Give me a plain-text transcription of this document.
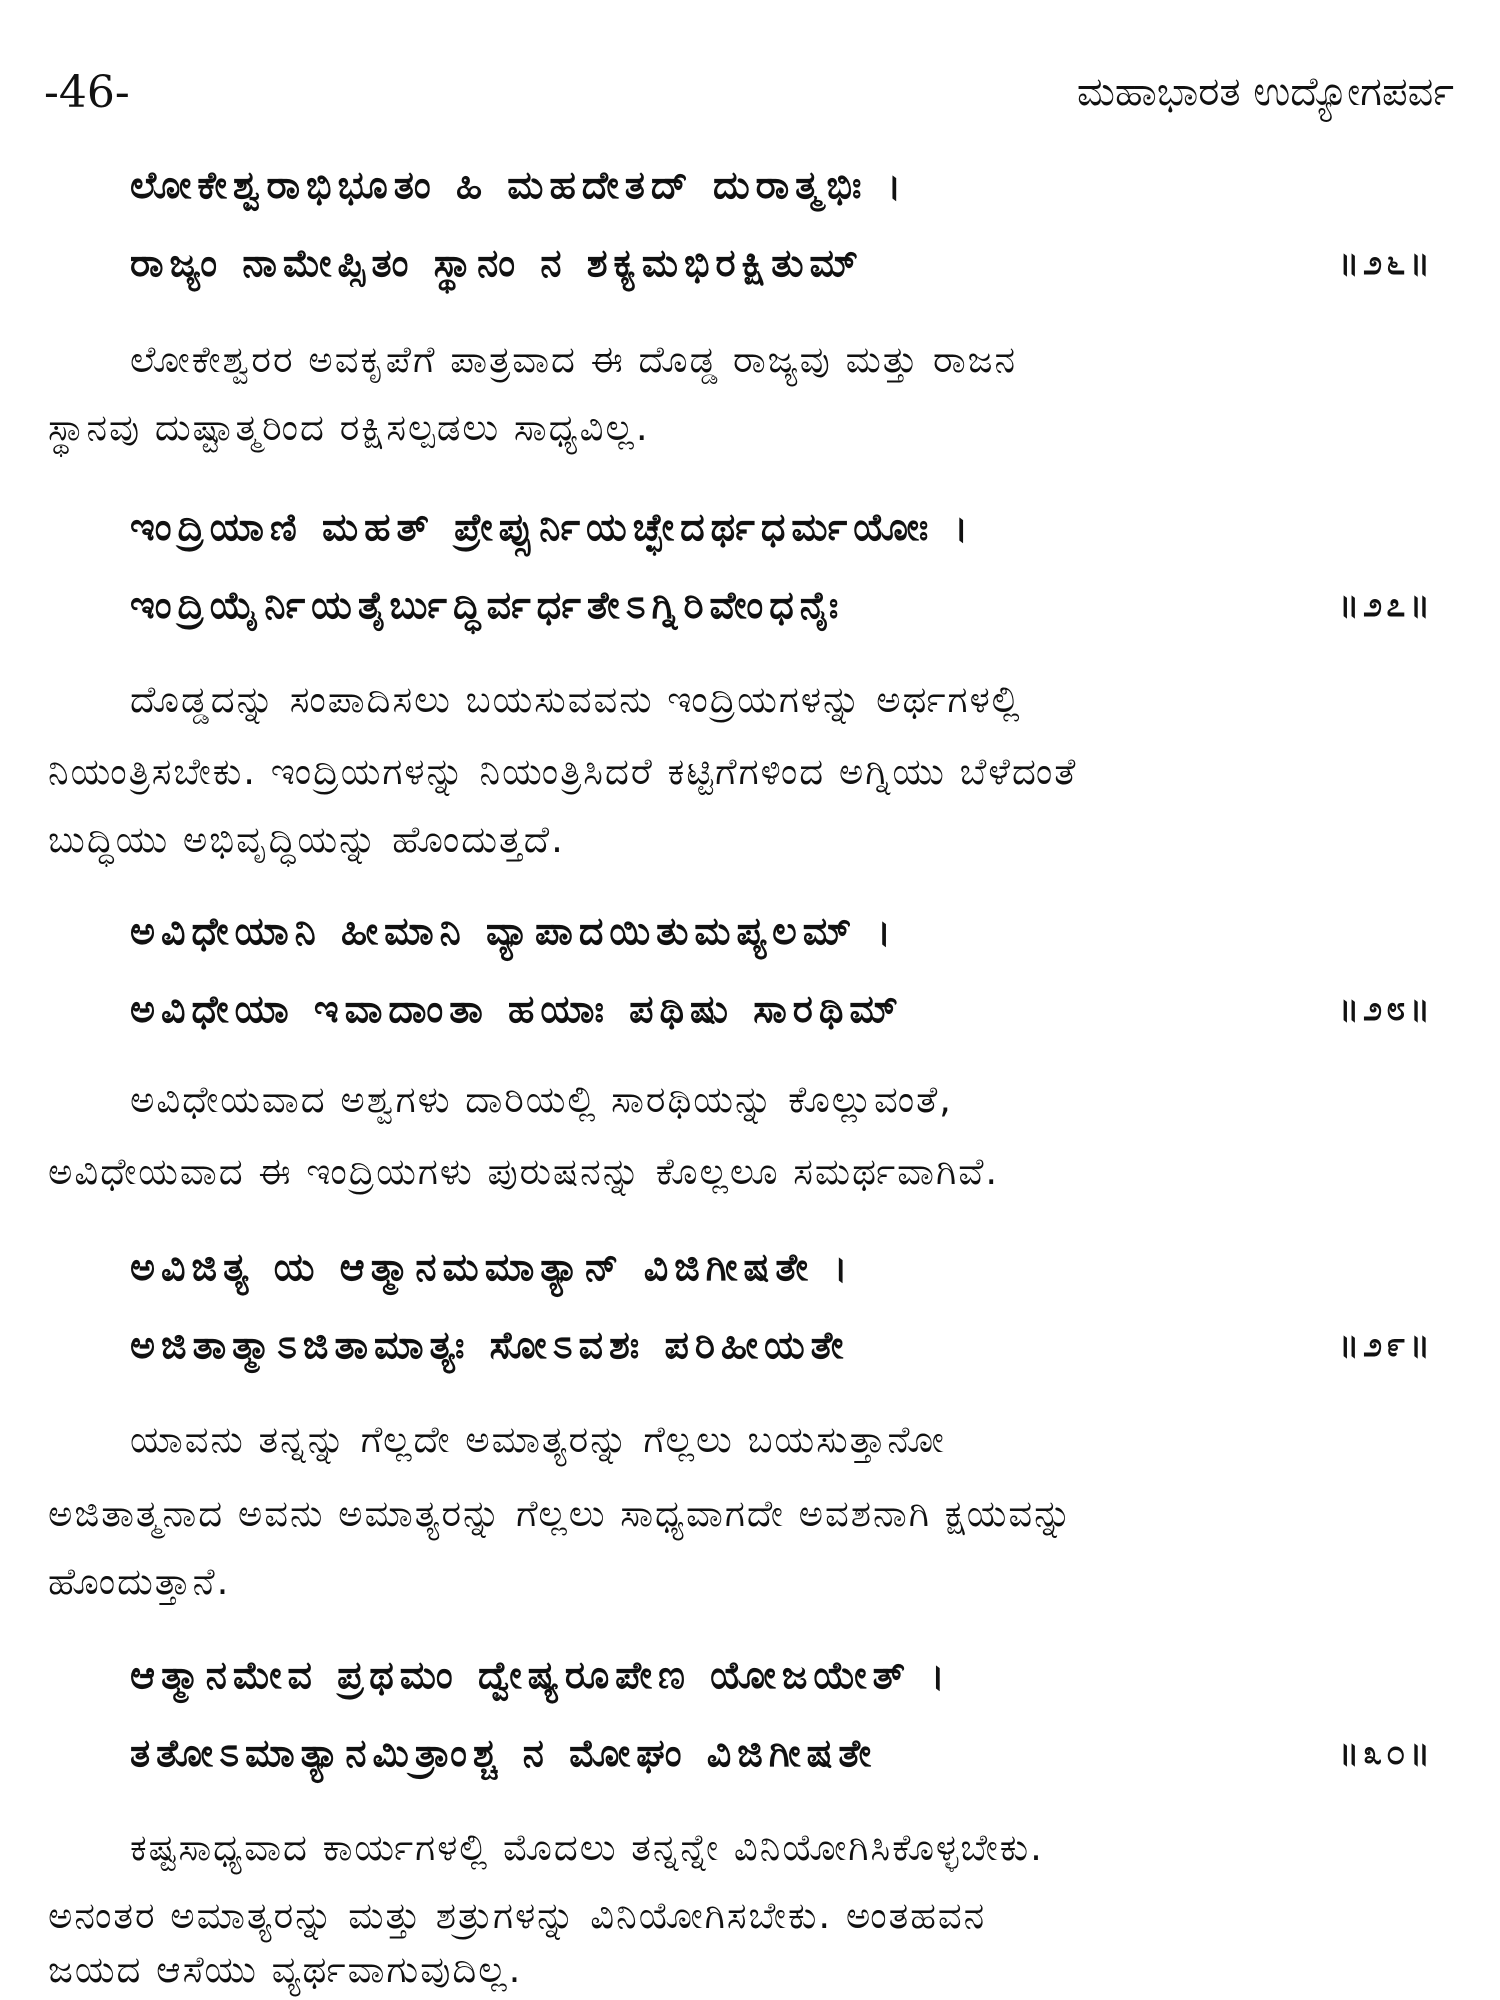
-46-	ಮಹಾಭಾರತ ಉದ್ಯೋಗಪರ್ವ
ಲೋಕೇಶ್ವರಾಭಿಭೂತಂ ಹಿ ಮಹದೇತದ್ ದುರಾತ್ಮಭಿಃ ।
ರಾಜ್ಯಂ ನಾಮೇಪ್ಸಿತಂ ಸ್ಥಾನಂ ನ ಶಕ್ಯಮಭಿರಕ್ಷಿತುಮ್	॥೨೬॥
ಲೋಕೇಶ್ವರರ ಅವಕೃಪೆಗೆ ಪಾತ್ರವಾದ ಈ ದೊಡ್ಡ ರಾಜ್ಯವು ಮತ್ತು ರಾಜನ
ಸ್ಥಾನವು ದುಷ್ಟಾತ್ಮರಿಂದ ರಕ್ಷಿಸಲ್ಪಡಲು ಸಾಧ್ಯವಿಲ್ಲ.
ಇಂದ್ರಿಯಾಣಿ ಮಹತ್ ಪ್ರೇಪ್ಸುರ್ನಿಯಚ್ಛೇದರ್ಥಧರ್ಮಯೋಃ ।
ಇಂದ್ರಿಯೈರ್ನಿಯತೈರ್ಬುದ್ಧಿರ್ವರ್ಧತೇಽಗ್ನಿರಿವೇಂಧನೈಃ	॥೨೭॥
ದೊಡ್ಡದನ್ನು ಸಂಪಾದಿಸಲು ಬಯಸುವವನು ಇಂದ್ರಿಯಗಳನ್ನು ಅರ್ಥಗಳಲ್ಲಿ
ನಿಯಂತ್ರಿಸಬೇಕು. ಇಂದ್ರಿಯಗಳನ್ನು ನಿಯಂತ್ರಿಸಿದರೆ ಕಟ್ಟಿಗೆಗಳಿಂದ ಅಗ್ನಿಯು ಬೆಳೆದಂತೆ
ಬುದ್ಧಿಯು ಅಭಿವೃದ್ಧಿಯನ್ನು ಹೊಂದುತ್ತದೆ.
ಅವಿಧೇಯಾನಿ ಹೀಮಾನಿ ವ್ಯಾಪಾದಯಿತುಮಪ್ಯಲಮ್ ।
ಅವಿಧೇಯಾ ಇವಾದಾಂತಾ ಹಯಾಃ ಪಥಿಷು ಸಾರಥಿಮ್	॥೨೮॥
ಅವಿಧೇಯವಾದ ಅಶ್ವಗಳು ದಾರಿಯಲ್ಲಿ ಸಾರಥಿಯನ್ನು ಕೊಲ್ಲುವಂತೆ,
ಅವಿಧೇಯವಾದ ಈ ಇಂದ್ರಿಯಗಳು ಪುರುಷನನ್ನು ಕೊಲ್ಲಲೂ ಸಮರ್ಥವಾಗಿವೆ.
ಅವಿಜಿತ್ಯ ಯ ಆತ್ಮಾನಮಮಾತ್ಯಾನ್ ವಿಜಿಗೀಷತೇ ।
ಅಜಿತಾತ್ಮಾಽಜಿತಾಮಾತ್ಯಃ ಸೋಽವಶಃ ಪರಿಹೀಯತೇ	॥೨೯॥
ಯಾವನು ತನ್ನನ್ನು ಗೆಲ್ಲದೇ ಅಮಾತ್ಯರನ್ನು ಗೆಲ್ಲಲು ಬಯಸುತ್ತಾನೋ
ಅಜಿತಾತ್ಮನಾದ ಅವನು ಅಮಾತ್ಯರನ್ನು ಗೆಲ್ಲಲು ಸಾಧ್ಯವಾಗದೇ ಅವಶನಾಗಿ ಕ್ಷಯವನ್ನು
ಹೊಂದುತ್ತಾನೆ.
ಆತ್ಮಾನಮೇವ ಪ್ರಥಮಂ ದ್ವೇಷ್ಯರೂಪೇಣ ಯೋಜಯೇತ್ ।
ತತೋಽಮಾತ್ಯಾನಮಿತ್ರಾಂಶ್ಚ ನ ಮೋಘಂ ವಿಜಿಗೀಷತೇ	॥೩೦॥
ಕಷ್ಟಸಾಧ್ಯವಾದ ಕಾರ್ಯಗಳಲ್ಲಿ ಮೊದಲು ತನ್ನನ್ನೇ ವಿನಿಯೋಗಿಸಿಕೊಳ್ಳಬೇಕು.
ಅನಂತರ ಅಮಾತ್ಯರನ್ನು ಮತ್ತು ಶತ್ರುಗಳನ್ನು ವಿನಿಯೋಗಿಸಬೇಕು. ಅಂತಹವನ
ಜಯದ ಆಸೆಯು ವ್ಯರ್ಥವಾಗುವುದಿಲ್ಲ.
